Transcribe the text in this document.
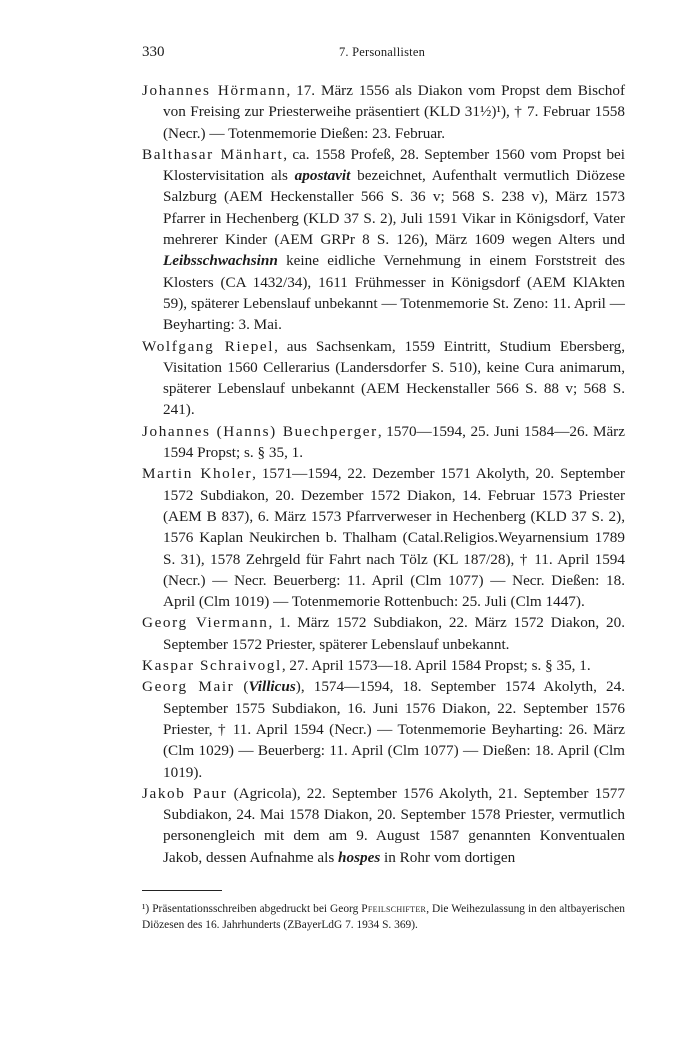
330	7. Personallisten

Johannes Hörmann, 17. März 1556 als Diakon vom Propst dem Bischof von Freising zur Priesterweihe präsentiert (KLD 31½)¹), † 7. Februar 1558 (Necr.) — Totenmemorie Dießen: 23. Februar.

Balthasar Mänhart, ca. 1558 Profeß, 28. September 1560 vom Propst bei Klostervisitation als apostavit bezeichnet, Aufenthalt vermutlich Diözese Salzburg (AEM Heckenstaller 566 S. 36 v; 568 S. 238 v), März 1573 Pfarrer in Hechenberg (KLD 37 S. 2), Juli 1591 Vikar in Königsdorf, Vater mehrerer Kinder (AEM GRPr 8 S. 126), März 1609 wegen Alters und Leibsschwachsinn keine eidliche Vernehmung in einem Forststreit des Klosters (CA 1432/34), 1611 Frühmesser in Königsdorf (AEM KlAkten 59), späterer Lebenslauf unbekannt — Totenmemorie St. Zeno: 11. April — Beyharting: 3. Mai.

Wolfgang Riepel, aus Sachsenkam, 1559 Eintritt, Studium Ebersberg, Visitation 1560 Cellerarius (Landersdorfer S. 510), keine Cura animarum, späterer Lebenslauf unbekannt (AEM Heckenstaller 566 S. 88 v; 568 S. 241).

Johannes (Hanns) Buechperger, 1570—1594, 25. Juni 1584—26. März 1594 Propst; s. § 35, 1.

Martin Kholer, 1571—1594, 22. Dezember 1571 Akolyth, 20. September 1572 Subdiakon, 20. Dezember 1572 Diakon, 14. Februar 1573 Priester (AEM B 837), 6. März 1573 Pfarrverweser in Hechenberg (KLD 37 S. 2), 1576 Kaplan Neukirchen b. Thalham (Catal.Religios.Weyarnensium 1789 S. 31), 1578 Zehrgeld für Fahrt nach Tölz (KL 187/28), † 11. April 1594 (Necr.) — Necr. Beuerberg: 11. April (Clm 1077) — Necr. Dießen: 18. April (Clm 1019) — Totenmemorie Rottenbuch: 25. Juli (Clm 1447).

Georg Viermann, 1. März 1572 Subdiakon, 22. März 1572 Diakon, 20. September 1572 Priester, späterer Lebenslauf unbekannt.

Kaspar Schraivogl, 27. April 1573—18. April 1584 Propst; s. § 35, 1.

Georg Mair (Villicus), 1574—1594, 18. September 1574 Akolyth, 24. September 1575 Subdiakon, 16. Juni 1576 Diakon, 22. September 1576 Priester, † 11. April 1594 (Necr.) — Totenmemorie Beyharting: 26. März (Clm 1029) — Beuerberg: 11. April (Clm 1077) — Dießen: 18. April (Clm 1019).

Jakob Paur (Agricola), 22. September 1576 Akolyth, 21. September 1577 Subdiakon, 24. Mai 1578 Diakon, 20. September 1578 Priester, vermutlich personengleich mit dem am 9. August 1587 genannten Konventualen Jakob, dessen Aufnahme als hospes in Rohr vom dortigen

¹) Präsentationsschreiben abgedruckt bei Georg Pfeilschifter, Die Weihezulassung in den altbayerischen Diözesen des 16. Jahrhunderts (ZBayerLdG 7. 1934 S. 369).
